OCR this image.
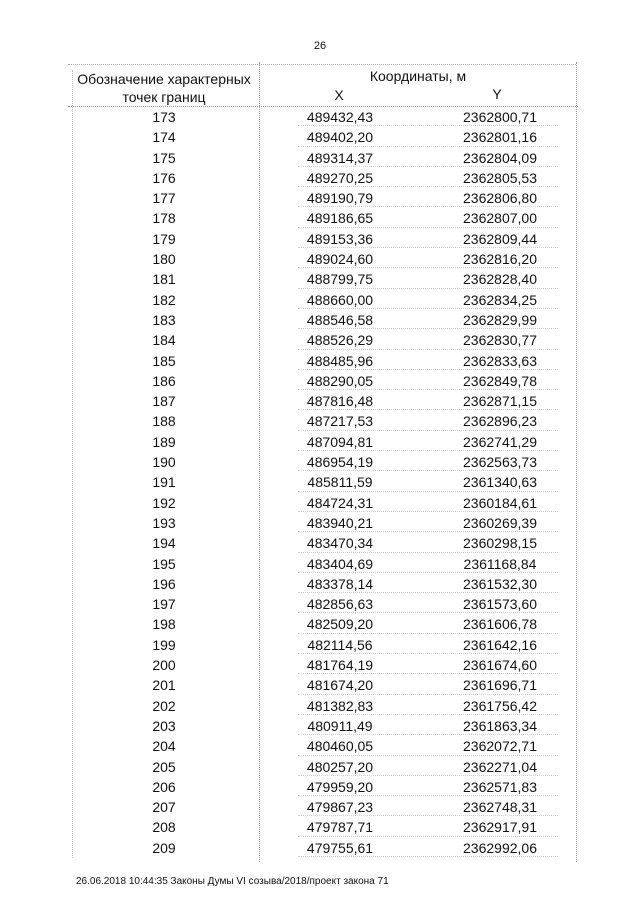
26
Обозначение характерных точек границ
Координаты, м
X	Y
173	489432,43	2362800,71
174	489402,20	2362801,16
175	489314,37	2362804,09
176	489270,25	2362805,53
177	489190,79	2362806,80
178	489186,65	2362807,00
179	489153,36	2362809,44
180	489024,60	2362816,20
181	488799,75	2362828,40
182	488660,00	2362834,25
183	488546,58	2362829,99
184	488526,29	2362830,77
185	488485,96	2362833,63
186	488290,05	2362849,78
187	487816,48	2362871,15
188	487217,53	2362896,23
189	487094,81	2362741,29
190	486954,19	2362563,73
191	485811,59	2361340,63
192	484724,31	2360184,61
193	483940,21	2360269,39
194	483470,34	2360298,15
195	483404,69	2361168,84
196	483378,14	2361532,30
197	482856,63	2361573,60
198	482509,20	2361606,78
199	482114,56	2361642,16
200	481764,19	2361674,60
201	481674,20	2361696,71
202	481382,83	2361756,42
203	480911,49	2361863,34
204	480460,05	2362072,71
205	480257,20	2362271,04
206	479959,20	2362571,83
207	479867,23	2362748,31
208	479787,71	2362917,91
209	479755,61	2362992,06
26.06.2018 10:44:35 Законы Думы VI созыва/2018/проект закона 71
